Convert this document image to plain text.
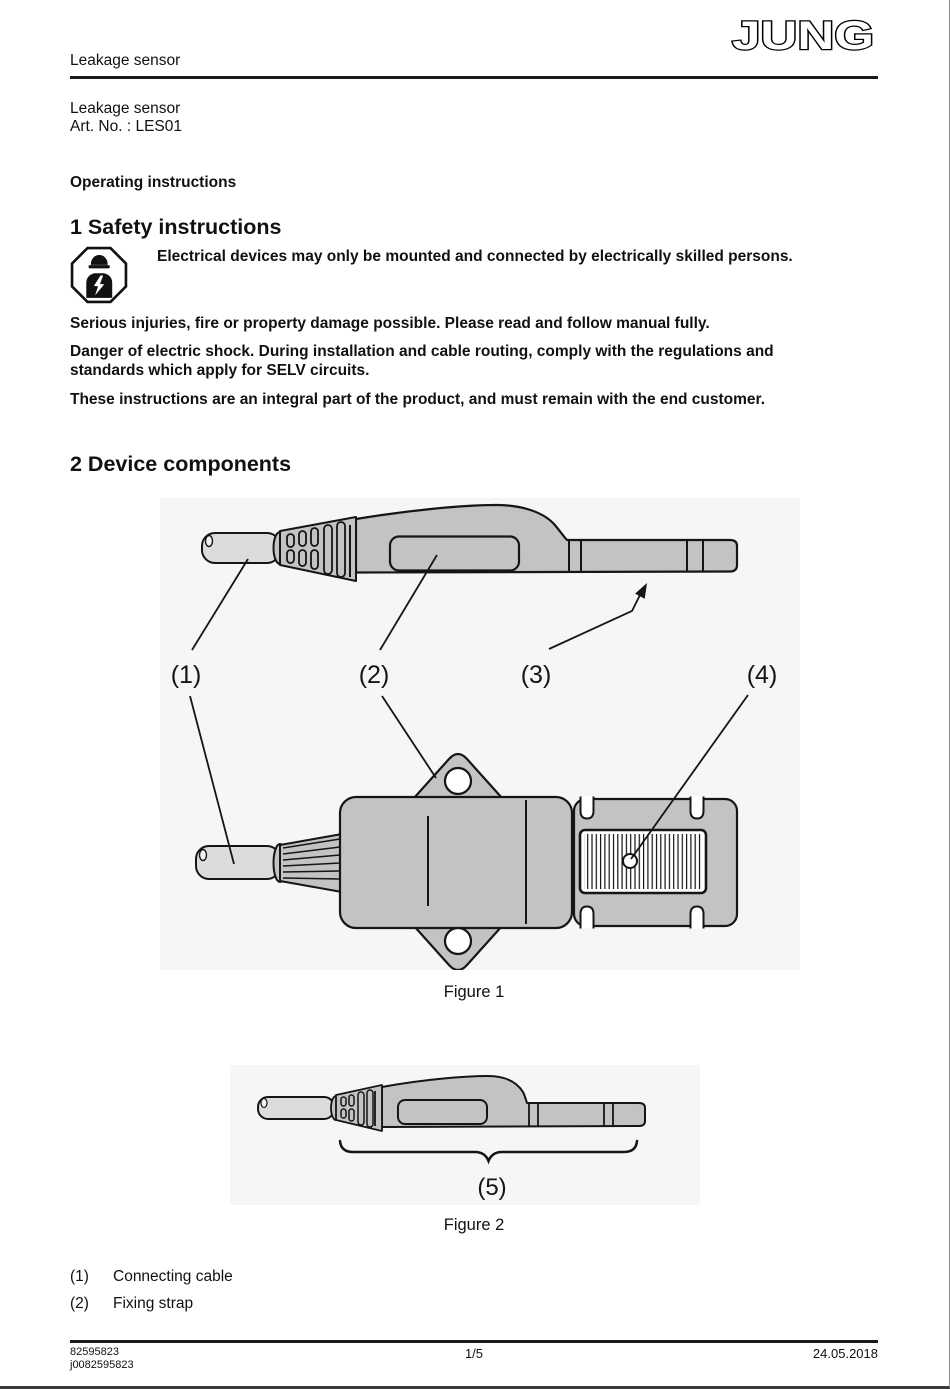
Leakage sensor
JUNG
Leakage sensor
Art. No. : LES01
Operating instructions
1 Safety instructions
Electrical devices may only be mounted and connected by electrically skilled persons.
Serious injuries, fire or property damage possible. Please read and follow manual fully.
Danger of electric shock. During installation and cable routing, comply with the regulations and standards which apply for SELV circuits.
These instructions are an integral part of the product, and must remain with the end customer.
2 Device components
(1)	(2)	(3)	(4)
Figure 1
(5)
Figure 2
(1) Connecting cable
(2) Fixing strap
82595823
j0082595823
1/5	24.05.2018
